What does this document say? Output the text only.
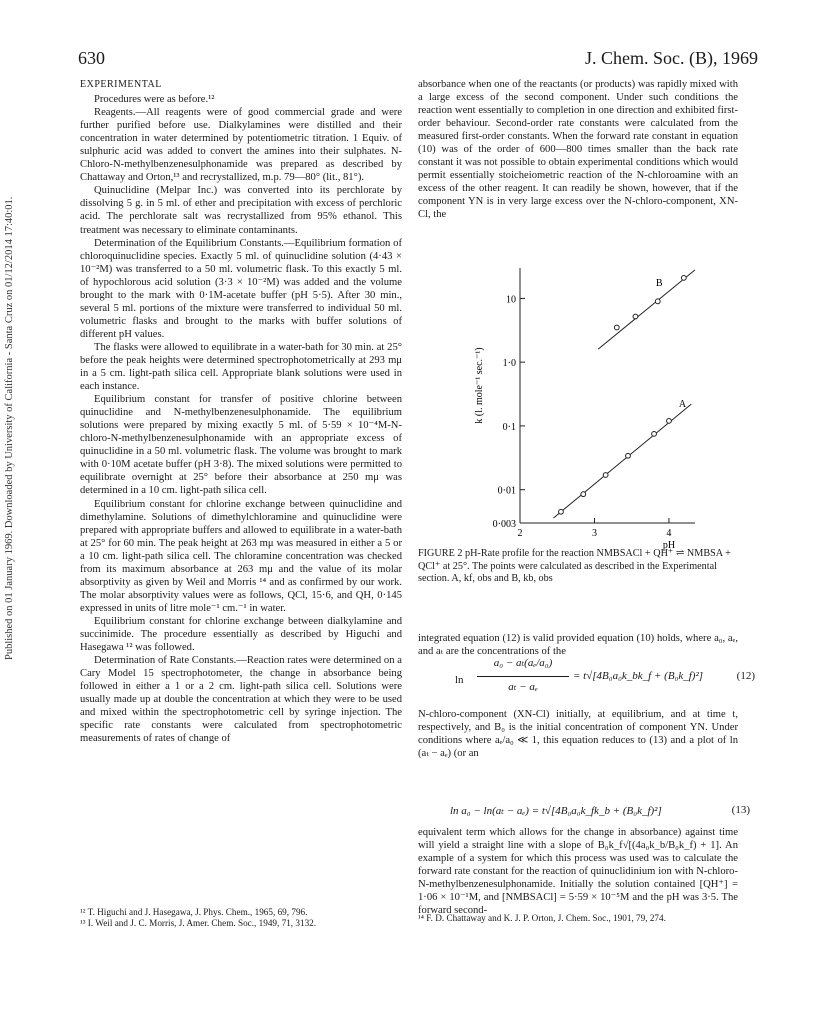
630	J. Chem. Soc. (B), 1969
Published on 01 January 1969. Downloaded by University of California - Santa Cruz on 01/12/2014 17:40:01.
EXPERIMENTAL

Procedures were as before.¹²

Reagents.—All reagents were of good commercial grade and were further purified before use. Dialkylamines were distilled and their concentration in water determined by potentiometric titration. 1 Equiv. of sulphuric acid was added to convert the amines into their sulphates. N-Chloro-N-methylbenzenesulphonamide was prepared as described by Chattaway and Orton,¹³ and recrystallized, m.p. 79—80° (lit., 81°).

Quinuclidine (Melpar Inc.) was converted into its perchlorate by dissolving 5 g. in 5 ml. of ether and precipitation with excess of perchloric acid. The perchlorate salt was recrystallized from 95% ethanol. This treatment was necessary to eliminate contaminants.

Determination of the Equilibrium Constants.—Equilibrium formation of chloroquinuclidine species. Exactly 5 ml. of quinuclidine solution (4·43 × 10⁻²M) was transferred to a 50 ml. volumetric flask. To this exactly 5 ml. of hypochlorous acid solution (3·3 × 10⁻²M) was added and the volume brought to the mark with 0·1M-acetate buffer (pH 5·5). After 30 min., several 5 ml. portions of the mixture were transferred to individual 50 ml. volumetric flasks and brought to the marks with buffer solutions of different pH values.

The flasks were allowed to equilibrate in a water-bath for 30 min. at 25° before the peak heights were determined spectrophotometrically at 293 mμ in a 5 cm. light-path silica cell. Appropriate blank solutions were used in each instance.

Equilibrium constant for transfer of positive chlorine between quinuclidine and N-methylbenzenesulphonamide. The equilibrium solutions were prepared by mixing exactly 5 ml. of 5·59 × 10⁻⁴M-N-chloro-N-methylbenzenesulphonamide with an appropriate excess of quinuclidine in a 50 ml. volumetric flask. The volume was brought to mark with 0·10M acetate buffer (pH 3·8). The mixed solutions were permitted to equilibrate overnight at 25° before their absorbance at 250 mμ was determined in a 10 cm. light-path silica cell.

Equilibrium constant for chlorine exchange between quinuclidine and dimethylamine. Solutions of dimethylchloramine and quinuclidine were prepared with appropriate buffers and allowed to equilibrate in a water-bath at 25° for 60 min. The peak height at 263 mμ was measured in either a 5 or a 10 cm. light-path silica cell. The chloramine concentration was checked from its maximum absorbance at 263 mμ and the value of its molar absorptivity as given by Weil and Morris ¹⁴ and as confirmed by our work. The molar absorptivity values were as follows, QCl, 15·6, and QH, 0·145 expressed in units of litre mole⁻¹ cm.⁻¹ in water.

Equilibrium constant for chlorine exchange between dialkylamine and succinimide. The procedure essentially as described by Higuchi and Hasegawa ¹² was followed.

Determination of Rate Constants.—Reaction rates were determined on a Cary Model 15 spectrophotometer, the change in absorbance being followed in either a 1 or a 2 cm. light-path silica cell. Solutions were usually made up at double the concentration at which they were to be used and mixed within the spectrophotometric cell by syringe injection. The specific rate constants were calculated from spectrophotometric measurements of rates of change of

¹² T. Higuchi and J. Hasegawa, J. Phys. Chem., 1965, 69, 796.
¹³ I. Weil and J. C. Morris, J. Amer. Chem. Soc., 1949, 71, 3132.

absorbance when one of the reactants (or products) was rapidly mixed with a large excess of the second component. Under such conditions the reaction went essentially to completion in one direction and exhibited first-order behaviour. Second-order rate constants were calculated from the measured first-order constants. When the forward rate constant in equation (10) was of the order of 600—800 times smaller than the back rate constant it was not possible to obtain experimental conditions which would permit essentially stoicheiometric reaction of the N-chloroamine with an excess of the other reagent. It can readily be shown, however, that if the component YN is in very large excess over the N-chloro-component, XN-Cl, the

0·003
0·01
0·1
1·0
10
2	3	4
pH
k (l. mole⁻¹ sec.⁻¹)	A
B
FIGURE 2 pH-Rate profile for the reaction NMBSACl + QH⁺ ⇌ NMBSA + QCl⁺ at 25°. The points were calculated as described in the Experimental section. A, kf, obs and B, kb, obs

integrated equation (12) is valid provided equation (10) holds, where a₀, aₑ, and aₜ are the concentrations of the

ln
a₀ − aₜ(aₑ/a₀)
aₜ − aₑ
= t√[4B₀a₀k_bk_f + (B₀k_f)²]	(12)

N-chloro-component (XN-Cl) initially, at equilibrium, and at time t, respectively, and B₀ is the initial concentration of component YN. Under conditions where aₑ/a₀ ≪ 1, this equation reduces to (13) and a plot of ln (aₜ − aₑ) (or an

ln a₀ − ln(aₜ − aₑ) = t√[4B₀a₀k_fk_b + (B₀k_f)²]	(13)

equivalent term which allows for the change in absorbance) against time will yield a straight line with a slope of B₀k_f√[(4a₀k_b/B₀k_f) + 1]. An example of a system for which this process was used was to calculate the forward rate constant for the reaction of quinuclidinium ion with N-chloro-N-methylbenzenesulphonamide. Initially the solution contained [QH⁺] = 1·06 × 10⁻¹M, and [NMBSACl] = 5·59 × 10⁻⁵M and the pH was 3·5. The forward second-

¹⁴ F. D. Chattaway and K. J. P. Orton, J. Chem. Soc., 1901, 79, 274.
